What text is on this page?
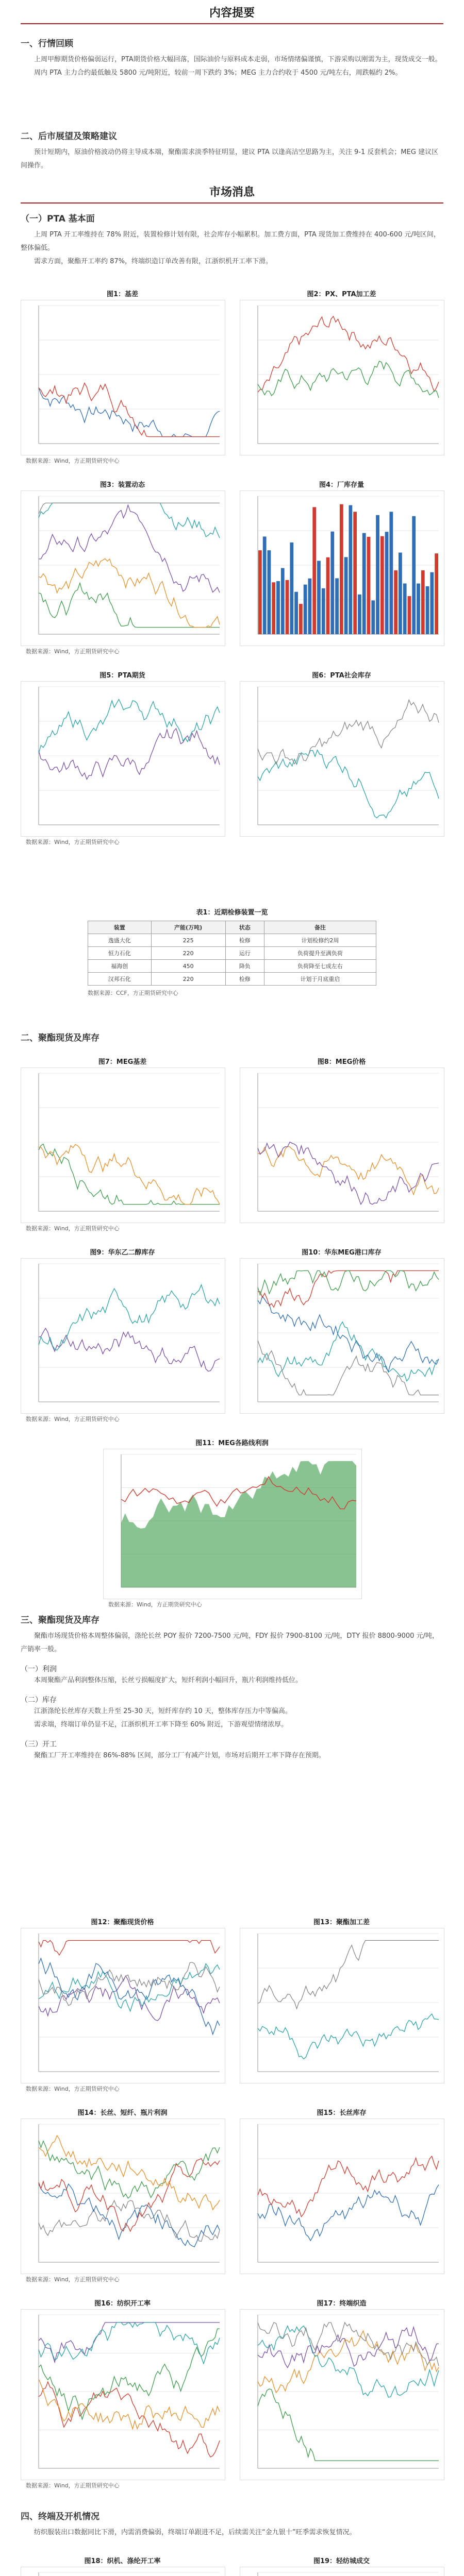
内容提要
一、行情回顾
上周甲醇期货价格偏弱运行，PTA期货价格大幅回落，国际油价与原料成本走弱，市场情绪偏谨慎，下游采购以刚需为主，现货成交一般。
周内 PTA 主力合约最低触及 5800 元/吨附近，较前一周下跌约 3%；MEG 主力合约收于 4500 元/吨左右，周跌幅约 2%。
二、后市展望及策略建议
预计短期内，原油价格波动仍将主导成本端，聚酯需求淡季特征明显，建议 PTA 以逢高沽空思路为主，关注 9-1 反套机会；MEG 建议区间操作。
市场消息
（一）PTA 基本面
上周 PTA 开工率维持在 78% 附近，装置检修计划有限，社会库存小幅累积。加工费方面，PTA 现货加工费维持在 400-600 元/吨区间，整体偏低。
需求方面，聚酯开工率约 87%，终端织造订单改善有限，江浙织机开工率下滑。
图1：基差
数据来源：Wind，方正期货研究中心
图2：PX、PTA加工差
图3：装置动态
数据来源：Wind，方正期货研究中心
图4：厂库存量
图5：PTA期货
数据来源：Wind，方正期货研究中心
图6：PTA社会库存
表1：近期检修装置一览
装置	产能(万吨)	状态	备注
逸盛大化	225	检修	计划检修约2周
恒力石化	220	运行	负荷提升至满负荷
福海创	450	降负	负荷降至七成左右
汉邦石化	220	检修	计划于月底重启
数据来源：CCF，方正期货研究中心
二、聚酯现货及库存
图7：MEG基差
数据来源：Wind，方正期货研究中心
图8：MEG价格
图9：华东乙二醇库存
数据来源：Wind，方正期货研究中心
图10：华东MEG港口库存
图11：MEG各路线利润
数据来源：Wind，方正期货研究中心
三、聚酯现货及库存
聚酯市场现货价格本周整体偏弱，涤纶长丝 POY 报价 7200-7500 元/吨，FDY 报价 7900-8100 元/吨，DTY 报价 8800-9000 元/吨，产销率一般。
（一）利润
本周聚酯产品利润整体压缩，长丝亏损幅度扩大，短纤利润小幅回升，瓶片利润维持低位。
（二）库存
江浙涤纶长丝库存天数上升至 25-30 天，短纤库存约 10 天，整体库存压力中等偏高。
需求端，终端订单仍显不足，江浙织机开工率下降至 60% 附近，下游观望情绪浓厚。
（三）开工
聚酯工厂开工率维持在 86%-88% 区间，部分工厂有减产计划，市场对后期开工率下降存在预期。
图12：聚酯现货价格
数据来源：Wind，方正期货研究中心
图13：聚酯加工差
图14：长丝、短纤、瓶片利润
数据来源：Wind，方正期货研究中心
图15：长丝库存
图16：纺织开工率
数据来源：Wind，方正期货研究中心
图17：终端织造
四、终端及开机情况
纺织服装出口数据同比下滑，内需消费偏弱，终端订单跟进不足，后续需关注“金九银十”旺季需求恢复情况。
图18：织机、涤纶开工率	图19：轻纺城成交
